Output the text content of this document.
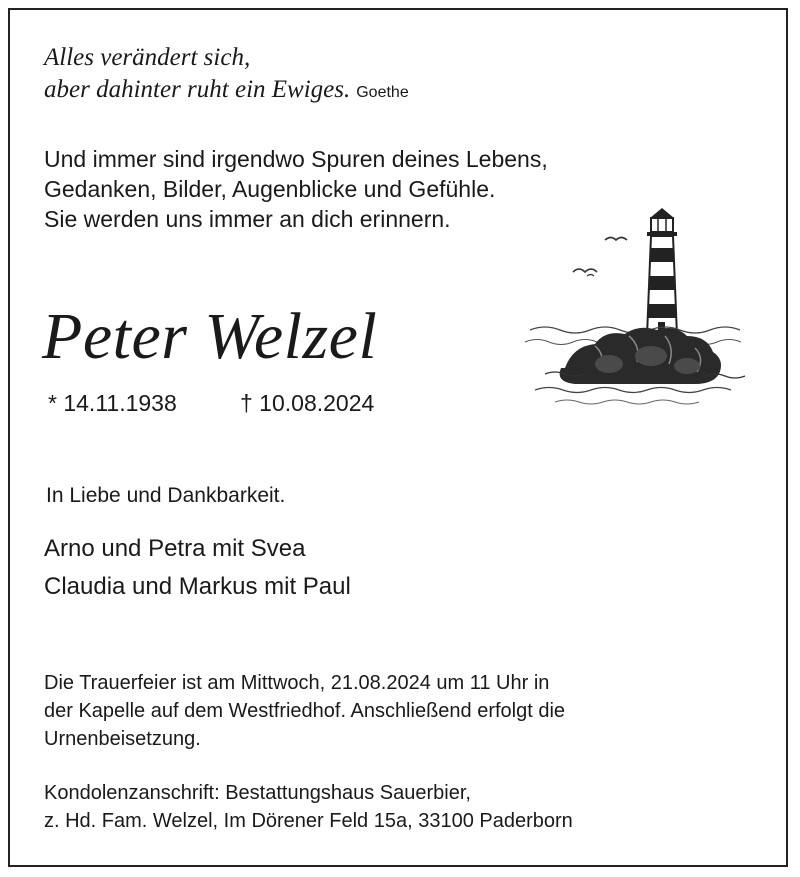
Alles verändert sich,
aber dahinter ruht ein Ewiges. Goethe
Und immer sind irgendwo Spuren deines Lebens,
Gedanken, Bilder, Augenblicke und Gefühle.
Sie werden uns immer an dich erinnern.
Peter Welzel
* 14.11.1938	† 10.08.2024
In Liebe und Dankbarkeit.
Arno und Petra mit Svea
Claudia und Markus mit Paul
Die Trauerfeier ist am Mittwoch, 21.08.2024 um 11 Uhr in
der Kapelle auf dem Westfriedhof. Anschließend erfolgt die
Urnenbeisetzung.
Kondolenzanschrift: Bestattungshaus Sauerbier,
z. Hd. Fam. Welzel, Im Dörener Feld 15a, 33100 Paderborn
